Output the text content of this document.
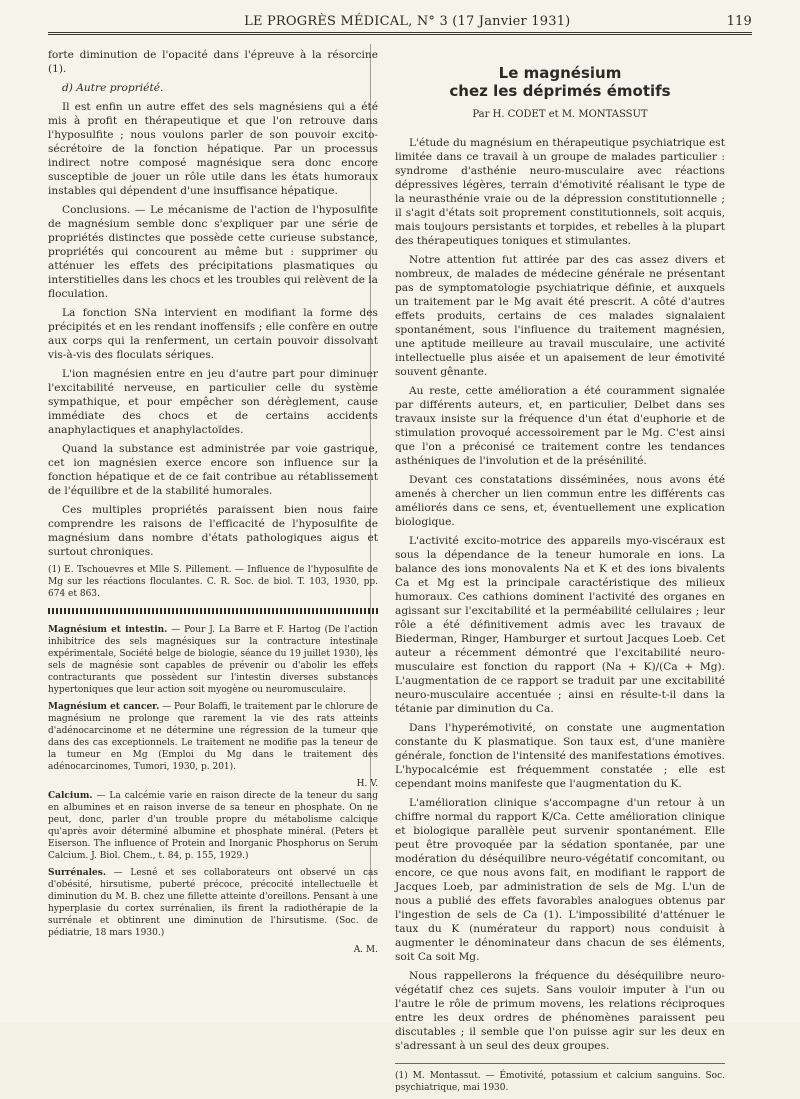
LE PROGRÈS MÉDICAL, N° 3 (17 Janvier 1931)	119

forte diminution de l'opacité dans l'épreuve à la résorcine (1).

d) Autre propriété.

Il est enfin un autre effet des sels magnésiens qui a été mis à profit en thérapeutique et que l'on retrouve dans l'hyposulfite ; nous voulons parler de son pouvoir excito-sécrétoire de la fonction hépatique. Par un processus indirect notre composé magnésique sera donc encore susceptible de jouer un rôle utile dans les états humoraux instables qui dépendent d'une insuffisance hépatique.

Conclusions. — Le mécanisme de l'action de l'hyposulfite de magnésium semble donc s'expliquer par une série de propriétés distinctes que possède cette curieuse substance, propriétés qui concourent au même but : supprimer ou atténuer les effets des précipitations plasmatiques ou interstitielles dans les chocs et les troubles qui relèvent de la floculation.

La fonction SNa intervient en modifiant la forme des précipités et en les rendant inoffensifs ; elle confère en outre aux corps qui la renferment, un certain pouvoir dissolvant vis-à-vis des floculats sériques.

L'ion magnésien entre en jeu d'autre part pour diminuer l'excitabilité nerveuse, en particulier celle du système sympathique, et pour empêcher son dérèglement, cause immédiate des chocs et de certains accidents anaphylactiques et anaphylactoïdes.

Quand la substance est administrée par voie gastrique, cet ion magnésien exerce encore son influence sur la fonction hépatique et de ce fait contribue au rétablissement de l'équilibre et de la stabilité humorales.

Ces multiples propriétés paraissent bien nous faire comprendre les raisons de l'efficacité de l'hyposulfite de magnésium dans nombre d'états pathologiques aigus et surtout chroniques.

(1) E. Tschouevres et Mlle S. Pillement. — Influence de l'hyposulfite de Mg sur les réactions floculantes. C. R. Soc. de biol. T. 103, 1930, pp. 674 et 863.

Magnésium et intestin. — Pour J. La Barre et F. Hartog (De l'action inhibitrice des sels magnésiques sur la contracture intestinale expérimentale, Société belge de biologie, séance du 19 juillet 1930), les sels de magnésie sont capables de prévenir ou d'abolir les effets contracturants que possèdent sur l'intestin diverses substances hypertoniques que leur action soit myogène ou neuromusculaire.

Magnésium et cancer. — Pour Bolaffi, le traitement par le chlorure de magnésium ne prolonge que rarement la vie des rats atteints d'adénocarcinome et ne détermine une régression de la tumeur que dans des cas exceptionnels. Le traitement ne modifie pas la teneur de la tumeur en Mg (Emploi du Mg dans le traitement des adénocarcinomes, Tumori, 1930, p. 201).

H. V.

Calcium. — La calcémie varie en raison directe de la teneur du sang en albumines et en raison inverse de sa teneur en phosphate. On ne peut, donc, parler d'un trouble propre du métabolisme calcique qu'après avoir déterminé albumine et phosphate minéral. (Peters et Eiserson. The influence of Protein and Inorganic Phosphorus on Serum Calcium. J. Biol. Chem., t. 84, p. 155, 1929.)

Surrénales. — Lesné et ses collaborateurs ont observé un cas d'obésité, hirsutisme, puberté précoce, précocité intellectuelle et diminution du M. B. chez une fillette atteinte d'oreillons. Pensant à une hyperplasie du cortex surrénalien, ils firent la radiothérapie de la surrénale et obtinrent une diminution de l'hirsutisme. (Soc. de pédiatrie, 18 mars 1930.)

A. M.
Le magnésium
chez les déprimés émotifs
Par H. CODET et M. MONTASSUT

L'étude du magnésium en thérapeutique psychiatrique est limitée dans ce travail à un groupe de malades particulier : syndrome d'asthénie neuro-musculaire avec réactions dépressives légères, terrain d'émotivité réalisant le type de la neurasthénie vraie ou de la dépression constitutionnelle ; il s'agit d'états soit proprement constitutionnels, soit acquis, mais toujours persistants et torpides, et rebelles à la plupart des thérapeutiques toniques et stimulantes.

Notre attention fut attirée par des cas assez divers et nombreux, de malades de médecine générale ne présentant pas de symptomatologie psychiatrique définie, et auxquels un traitement par le Mg avait été prescrit. A côté d'autres effets produits, certains de ces malades signalaient spontanément, sous l'influence du traitement magnésien, une aptitude meilleure au travail musculaire, une activité intellectuelle plus aisée et un apaisement de leur émotivité souvent gênante.

Au reste, cette amélioration a été couramment signalée par différents auteurs, et, en particulier, Delbet dans ses travaux insiste sur la fréquence d'un état d'euphorie et de stimulation provoqué accessoirement par le Mg. C'est ainsi que l'on a préconisé ce traitement contre les tendances asthéniques de l'involution et de la présénilité.

Devant ces constatations disséminées, nous avons été amenés à chercher un lien commun entre les différents cas améliorés dans ce sens, et, éventuellement une explication biologique.

L'activité excito-motrice des appareils myo-viscéraux est sous la dépendance de la teneur humorale en ions. La balance des ions monovalents Na et K et des ions bivalents Ca et Mg est la principale caractéristique des milieux humoraux. Ces cathions dominent l'activité des organes en agissant sur l'excitabilité et la perméabilité cellulaires ; leur rôle a été définitivement admis avec les travaux de Biederman, Ringer, Hamburger et surtout Jacques Loeb. Cet auteur a récemment démontré que l'excitabilité neuro-musculaire est fonction du rapport (Na + K)/(Ca + Mg). L'augmentation de ce rapport se traduit par une excitabilité neuro-musculaire accentuée ; ainsi en résulte-t-il dans la tétanie par diminution du Ca.

Dans l'hyperémotivité, on constate une augmentation constante du K plasmatique. Son taux est, d'une manière générale, fonction de l'intensité des manifestations émotives. L'hypocalcémie est fréquemment constatée ; elle est cependant moins manifeste que l'augmentation du K.

L'amélioration clinique s'accompagne d'un retour à un chiffre normal du rapport K/Ca. Cette amélioration clinique et biologique parallèle peut survenir spontanément. Elle peut être provoquée par la sédation spontanée, par une modération du déséquilibre neuro-végétatif concomitant, ou encore, ce que nous avons fait, en modifiant le rapport de Jacques Loeb, par administration de sels de Mg. L'un de nous a publié des effets favorables analogues obtenus par l'ingestion de sels de Ca (1). L'impossibilité d'atténuer le taux du K (numérateur du rapport) nous conduisit à augmenter le dénominateur dans chacun de ses éléments, soit Ca soit Mg.

Nous rappellerons la fréquence du déséquilibre neuro-végétatif chez ces sujets. Sans vouloir imputer à l'un ou l'autre le rôle de primum movens, les relations réciproques entre les deux ordres de phénomènes paraissent peu discutables ; il semble que l'on puisse agir sur les deux en s'adressant à un seul des deux groupes.

(1) M. Montassut. — Émotivité, potassium et calcium sanguins. Soc. psychiatrique, mai 1930.
